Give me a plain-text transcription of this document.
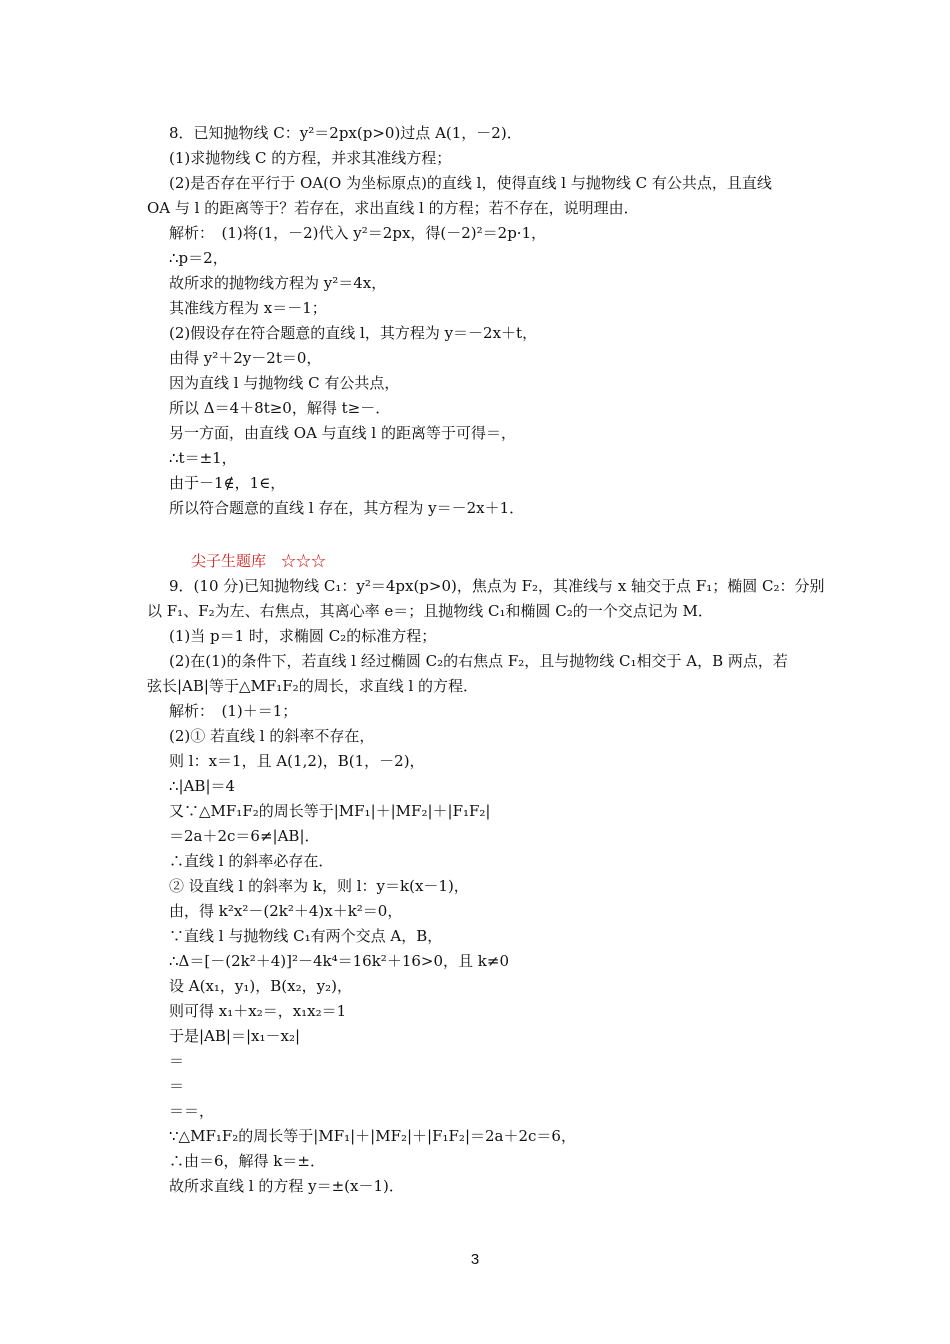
8．已知抛物线 C：y²＝2px(p>0)过点 A(1，－2)．
(1)求抛物线 C 的方程，并求其准线方程；
(2)是否存在平行于 OA(O 为坐标原点)的直线 l，使得直线 l 与抛物线 C 有公共点，且直线
OA 与 l 的距离等于？若存在，求出直线 l 的方程；若不存在，说明理由．
解析：　(1)将(1，－2)代入 y²＝2px，得(－2)²＝2p·1，
∴p＝2，
故所求的抛物线方程为 y²＝4x，
其准线方程为 x＝－1；
(2)假设存在符合题意的直线 l，其方程为 y＝－2x＋t，
由得 y²＋2y－2t＝0，
因为直线 l 与抛物线 C 有公共点，
所以 Δ＝4＋8t≥0，解得 t≥－．
另一方面，由直线 OA 与直线 l 的距离等于可得＝，
∴t＝±1，
由于－1∉，1∈，
所以符合题意的直线 l 存在，其方程为 y＝－2x＋1．
尖子生题库　☆☆☆
9．(10 分)已知抛物线 C₁：y²＝4px(p>0)，焦点为 F₂，其准线与 x 轴交于点 F₁；椭圆 C₂：分别
以 F₁、F₂为左、右焦点，其离心率 e＝；且抛物线 C₁和椭圆 C₂的一个交点记为 M．
(1)当 p＝1 时，求椭圆 C₂的标准方程；
(2)在(1)的条件下，若直线 l 经过椭圆 C₂的右焦点 F₂，且与抛物线 C₁相交于 A，B 两点，若
弦长|AB|等于△MF₁F₂的周长，求直线 l 的方程．
解析：　(1)＋＝1；
(2)① 若直线 l 的斜率不存在，
则 l：x＝1，且 A(1,2)，B(1，－2)，
∴|AB|＝4
又∵△MF₁F₂的周长等于|MF₁|＋|MF₂|＋|F₁F₂|
＝2a＋2c＝6≠|AB|．
∴直线 l 的斜率必存在．
② 设直线 l 的斜率为 k，则 l：y＝k(x－1)，
由，得 k²x²－(2k²＋4)x＋k²＝0，
∵直线 l 与抛物线 C₁有两个交点 A，B，
∴Δ＝[－(2k²＋4)]²－4k⁴＝16k²＋16>0，且 k≠0
设 A(x₁，y₁)，B(x₂，y₂)，
则可得 x₁＋x₂＝，x₁x₂＝1
于是|AB|＝|x₁－x₂|
＝
＝
＝＝，
∵△MF₁F₂的周长等于|MF₁|＋|MF₂|＋|F₁F₂|＝2a＋2c＝6，
∴由＝6，解得 k＝±．
故所求直线 l 的方程 y＝±(x－1)．
3
